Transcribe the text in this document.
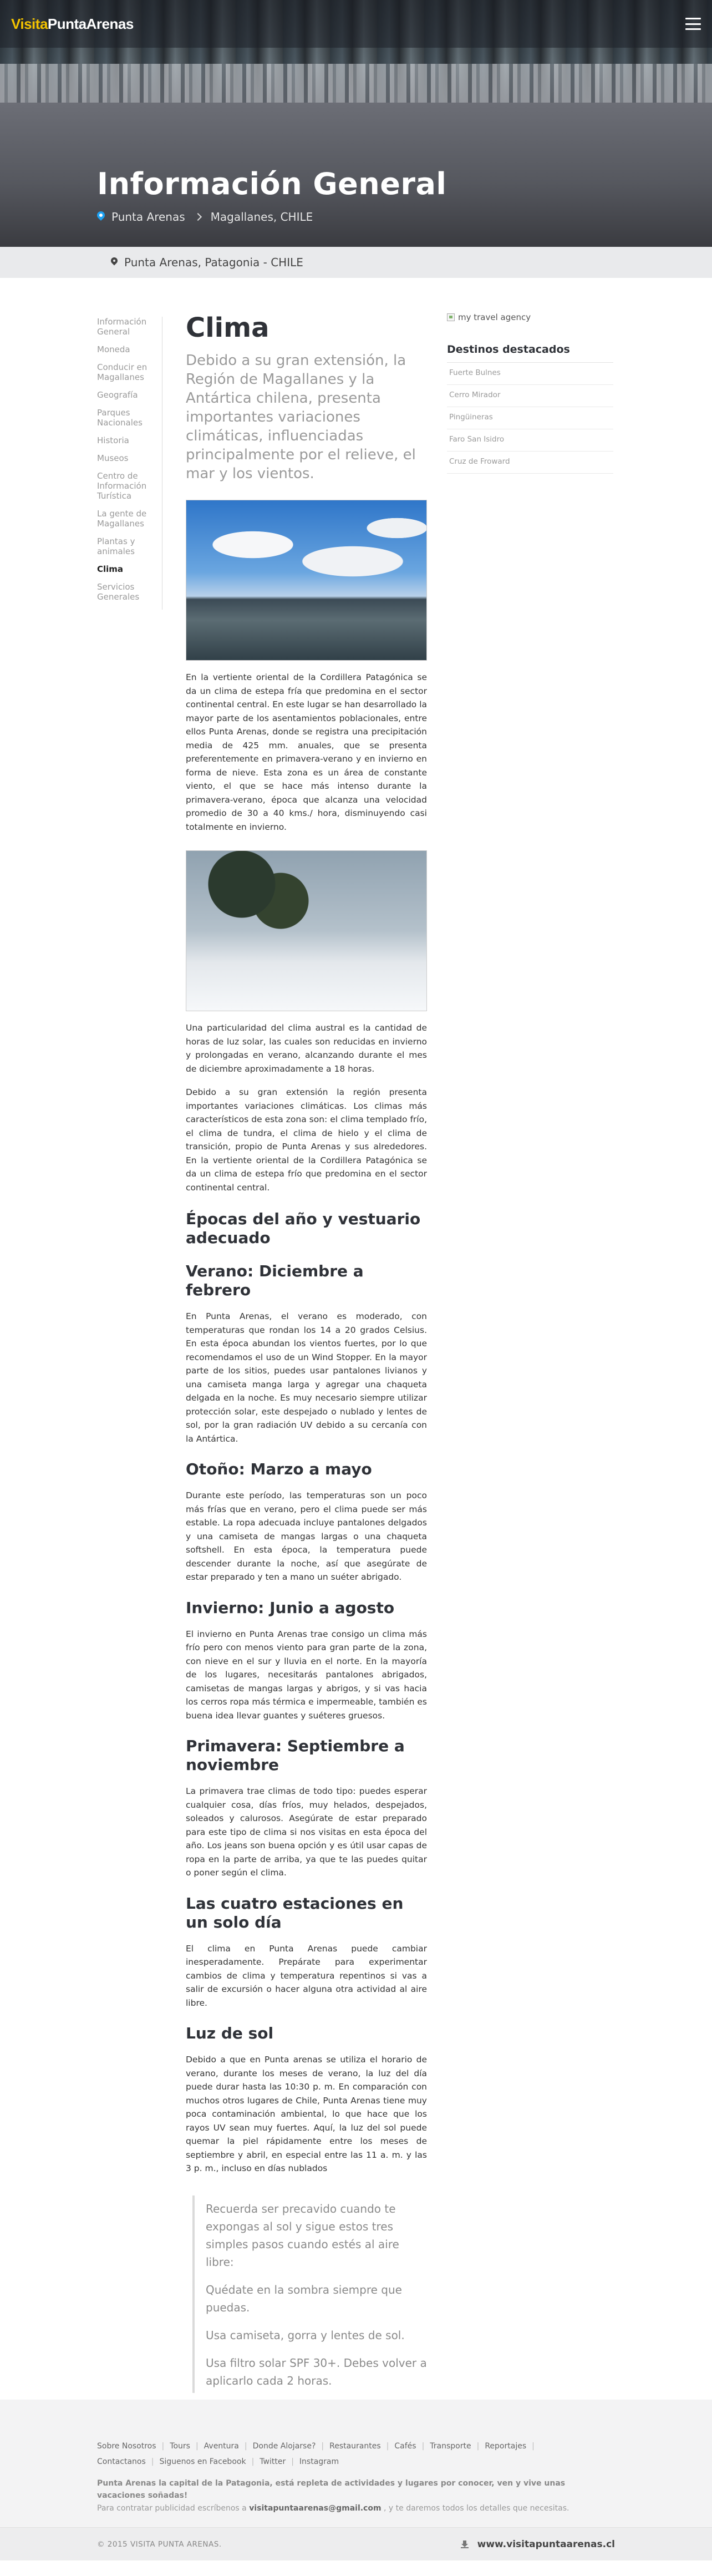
VisitaPuntaArenas
Información General
Punta Arenas Magallanes, CHILE
Punta Arenas, Patagonia - CHILE
Información General
Moneda
Conducir en Magallanes
Geografía
Parques Nacionales
Historia
Museos
Centro de Información Turística
La gente de Magallanes
Plantas y animales
Clima
Servicios Generales
Clima

Debido a su gran extensión, la Región de Magallanes y la Antártica chilena, presenta importantes variaciones climáticas, influenciadas principalmente por el relieve, el mar y los vientos.

En la vertiente oriental de la Cordillera Patagónica se da un clima de estepa fría que predomina en el sector continental central. En este lugar se han desarrollado la mayor parte de los asentamientos poblacionales, entre ellos Punta Arenas, donde se registra una precipitación media de 425 mm. anuales, que se presenta preferentemente en primavera-verano y en invierno en forma de nieve. Esta zona es un área de constante viento, el que se hace más intenso durante la primavera-verano, época que alcanza una velocidad promedio de 30 a 40 kms./ hora, disminuyendo casi totalmente en invierno.

Una particularidad del clima austral es la cantidad de horas de luz solar, las cuales son reducidas en invierno y prolongadas en verano, alcanzando durante el mes de diciembre aproximadamente a 18 horas.

Debido a su gran extensión la región presenta importantes variaciones climáticas. Los climas más característicos de esta zona son: el clima templado frío, el clima de tundra, el clima de hielo y el clima de transición, propio de Punta Arenas y sus alrededores. En la vertiente oriental de la Cordillera Patagónica se da un clima de estepa frío que predomina en el sector continental central.

Épocas del año y vestuario adecuado
Verano: Diciembre a febrero

En Punta Arenas, el verano es moderado, con temperaturas que rondan los 14 a 20 grados Celsius. En esta época abundan los vientos fuertes, por lo que recomendamos el uso de un Wind Stopper. En la mayor parte de los sitios, puedes usar pantalones livianos y una camiseta manga larga y agregar una chaqueta delgada en la noche. Es muy necesario siempre utilizar protección solar, este despejado o nublado y lentes de sol, por la gran radiación UV debido a su cercanía con la Antártica.

Otoño: Marzo a mayo

Durante este período, las temperaturas son un poco más frías que en verano, pero el clima puede ser más estable. La ropa adecuada incluye pantalones delgados y una camiseta de mangas largas o una chaqueta softshell. En esta época, la temperatura puede descender durante la noche, así que asegúrate de estar preparado y ten a mano un suéter abrigado.

Invierno: Junio a agosto

El invierno en Punta Arenas trae consigo un clima más frío pero con menos viento para gran parte de la zona, con nieve en el sur y lluvia en el norte. En la mayoría de los lugares, necesitarás pantalones abrigados, camisetas de mangas largas y abrigos, y si vas hacia los cerros ropa más térmica e impermeable, también es buena idea llevar guantes y suéteres gruesos.

Primavera: Septiembre a noviembre

La primavera trae climas de todo tipo: puedes esperar cualquier cosa, días fríos, muy helados, despejados, soleados y calurosos. Asegúrate de estar preparado para este tipo de clima si nos visitas en esta época del año. Los jeans son buena opción y es útil usar capas de ropa en la parte de arriba, ya que te las puedes quitar o poner según el clima.

Las cuatro estaciones en un solo día

El clima en Punta Arenas puede cambiar inesperadamente. Prepárate para experimentar cambios de clima y temperatura repentinos si vas a salir de excursión o hacer alguna otra actividad al aire libre.

Luz de sol

Debido a que en Punta arenas se utiliza el horario de verano, durante los meses de verano, la luz del día puede durar hasta las 10:30 p. m. En comparación con muchos otros lugares de Chile, Punta Arenas tiene muy poca contaminación ambiental, lo que hace que los rayos UV sean muy fuertes. Aquí, la luz del sol puede quemar la piel rápidamente entre los meses de septiembre y abril, en especial entre las 11 a. m. y las 3 p. m., incluso en días nublados

Recuerda ser precavido cuando te expongas al sol y sigue estos tres simples pasos cuando estés al aire libre:

Quédate en la sombra siempre que puedas.

Usa camiseta, gorra y lentes de sol.

Usa filtro solar SPF 30+. Debes volver a aplicarlo cada 2 horas.

my travel agency
Destinos destacados
Fuerte Bulnes
Cerro Mirador
Pingüineras
Faro San Isidro
Cruz de Froward
Sobre Nosotros | Tours | Aventura | Donde Alojarse? | Restaurantes | Cafés | Transporte | Reportajes |
Contactanos | Siguenos en Facebook | Twitter | Instagram

Punta Arenas la capital de la Patagonia, está repleta de actividades y lugares por conocer, ven y vive unas vacaciones soñadas!

Para contratar publicidad escríbenos a visitapuntaarenas@gmail.com , y te daremos todos los detalles que necesitas.

© 2015 VISITA PUNTA ARENAS.	www.visitapuntaarenas.cl
